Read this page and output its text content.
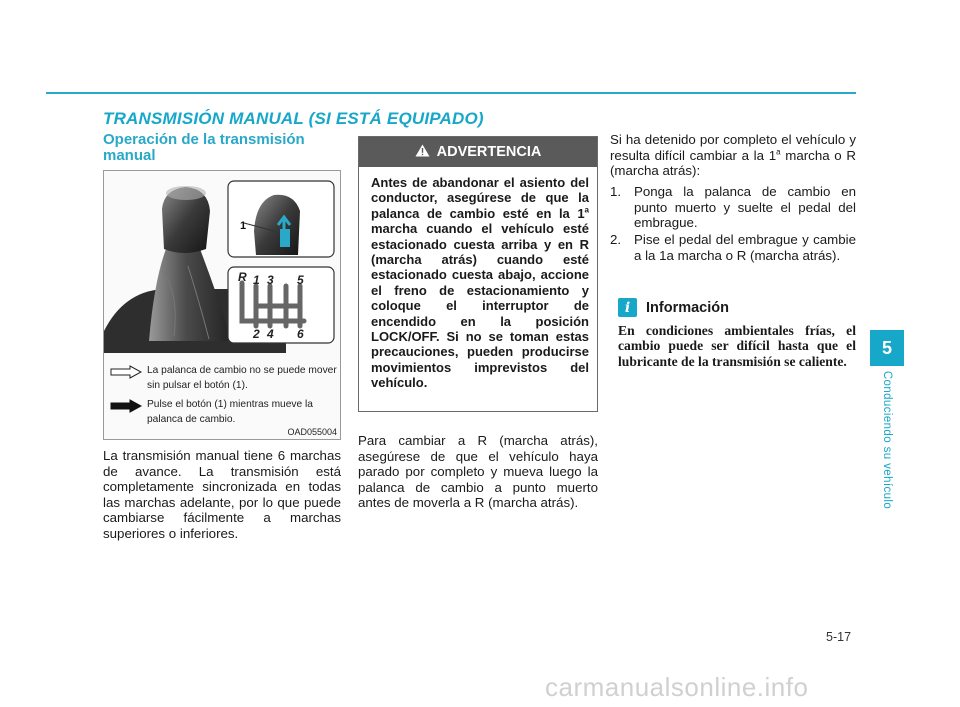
TRANSMISIÓN MANUAL (SI ESTÁ EQUIPADO)
Operación de la transmisión manual
1
R 1 3 5
2 4 6
La palanca de cambio no se puede mover sin pulsar el botón (1).
Pulse el botón (1) mientras mueve la palanca de cambio.
OAD055004
La transmisión manual tiene 6 marchas de avance. La transmisión está completamente sincronizada en todas las marchas adelante, por lo que puede cambiarse fácilmente a marchas superiores o inferiores.
ADVERTENCIA
Antes de abandonar el asiento del conductor, asegúrese de que la palanca de cambio esté en la 1$^a$ marcha cuando el vehículo esté estacionado cuesta arriba y en R (marcha atrás) cuando esté estacionado cuesta abajo, accione el freno de estacionamiento y coloque el interruptor de encendido en la posición LOCK/OFF. Si no se toman estas precauciones, pueden producirse movimientos imprevistos del vehículo.
Para cambiar a R (marcha atrás), asegúrese de que el vehículo haya parado por completo y mueva luego la palanca de cambio a punto muerto antes de moverla a R (marcha atrás).
Si ha detenido por completo el vehículo y resulta difícil cambiar a la 1$^a$ marcha o R (marcha atrás):
1. Ponga la palanca de cambio en punto muerto y suelte el pedal del embrague.
2. Pise el pedal del embrague y cambie a la 1a marcha o R (marcha atrás).
i	Información
En condiciones ambientales frías, el cambio puede ser difícil hasta que el lubricante de la transmisión se caliente.
5
Conduciendo su vehículo
5-17
carmanualsonline.info
